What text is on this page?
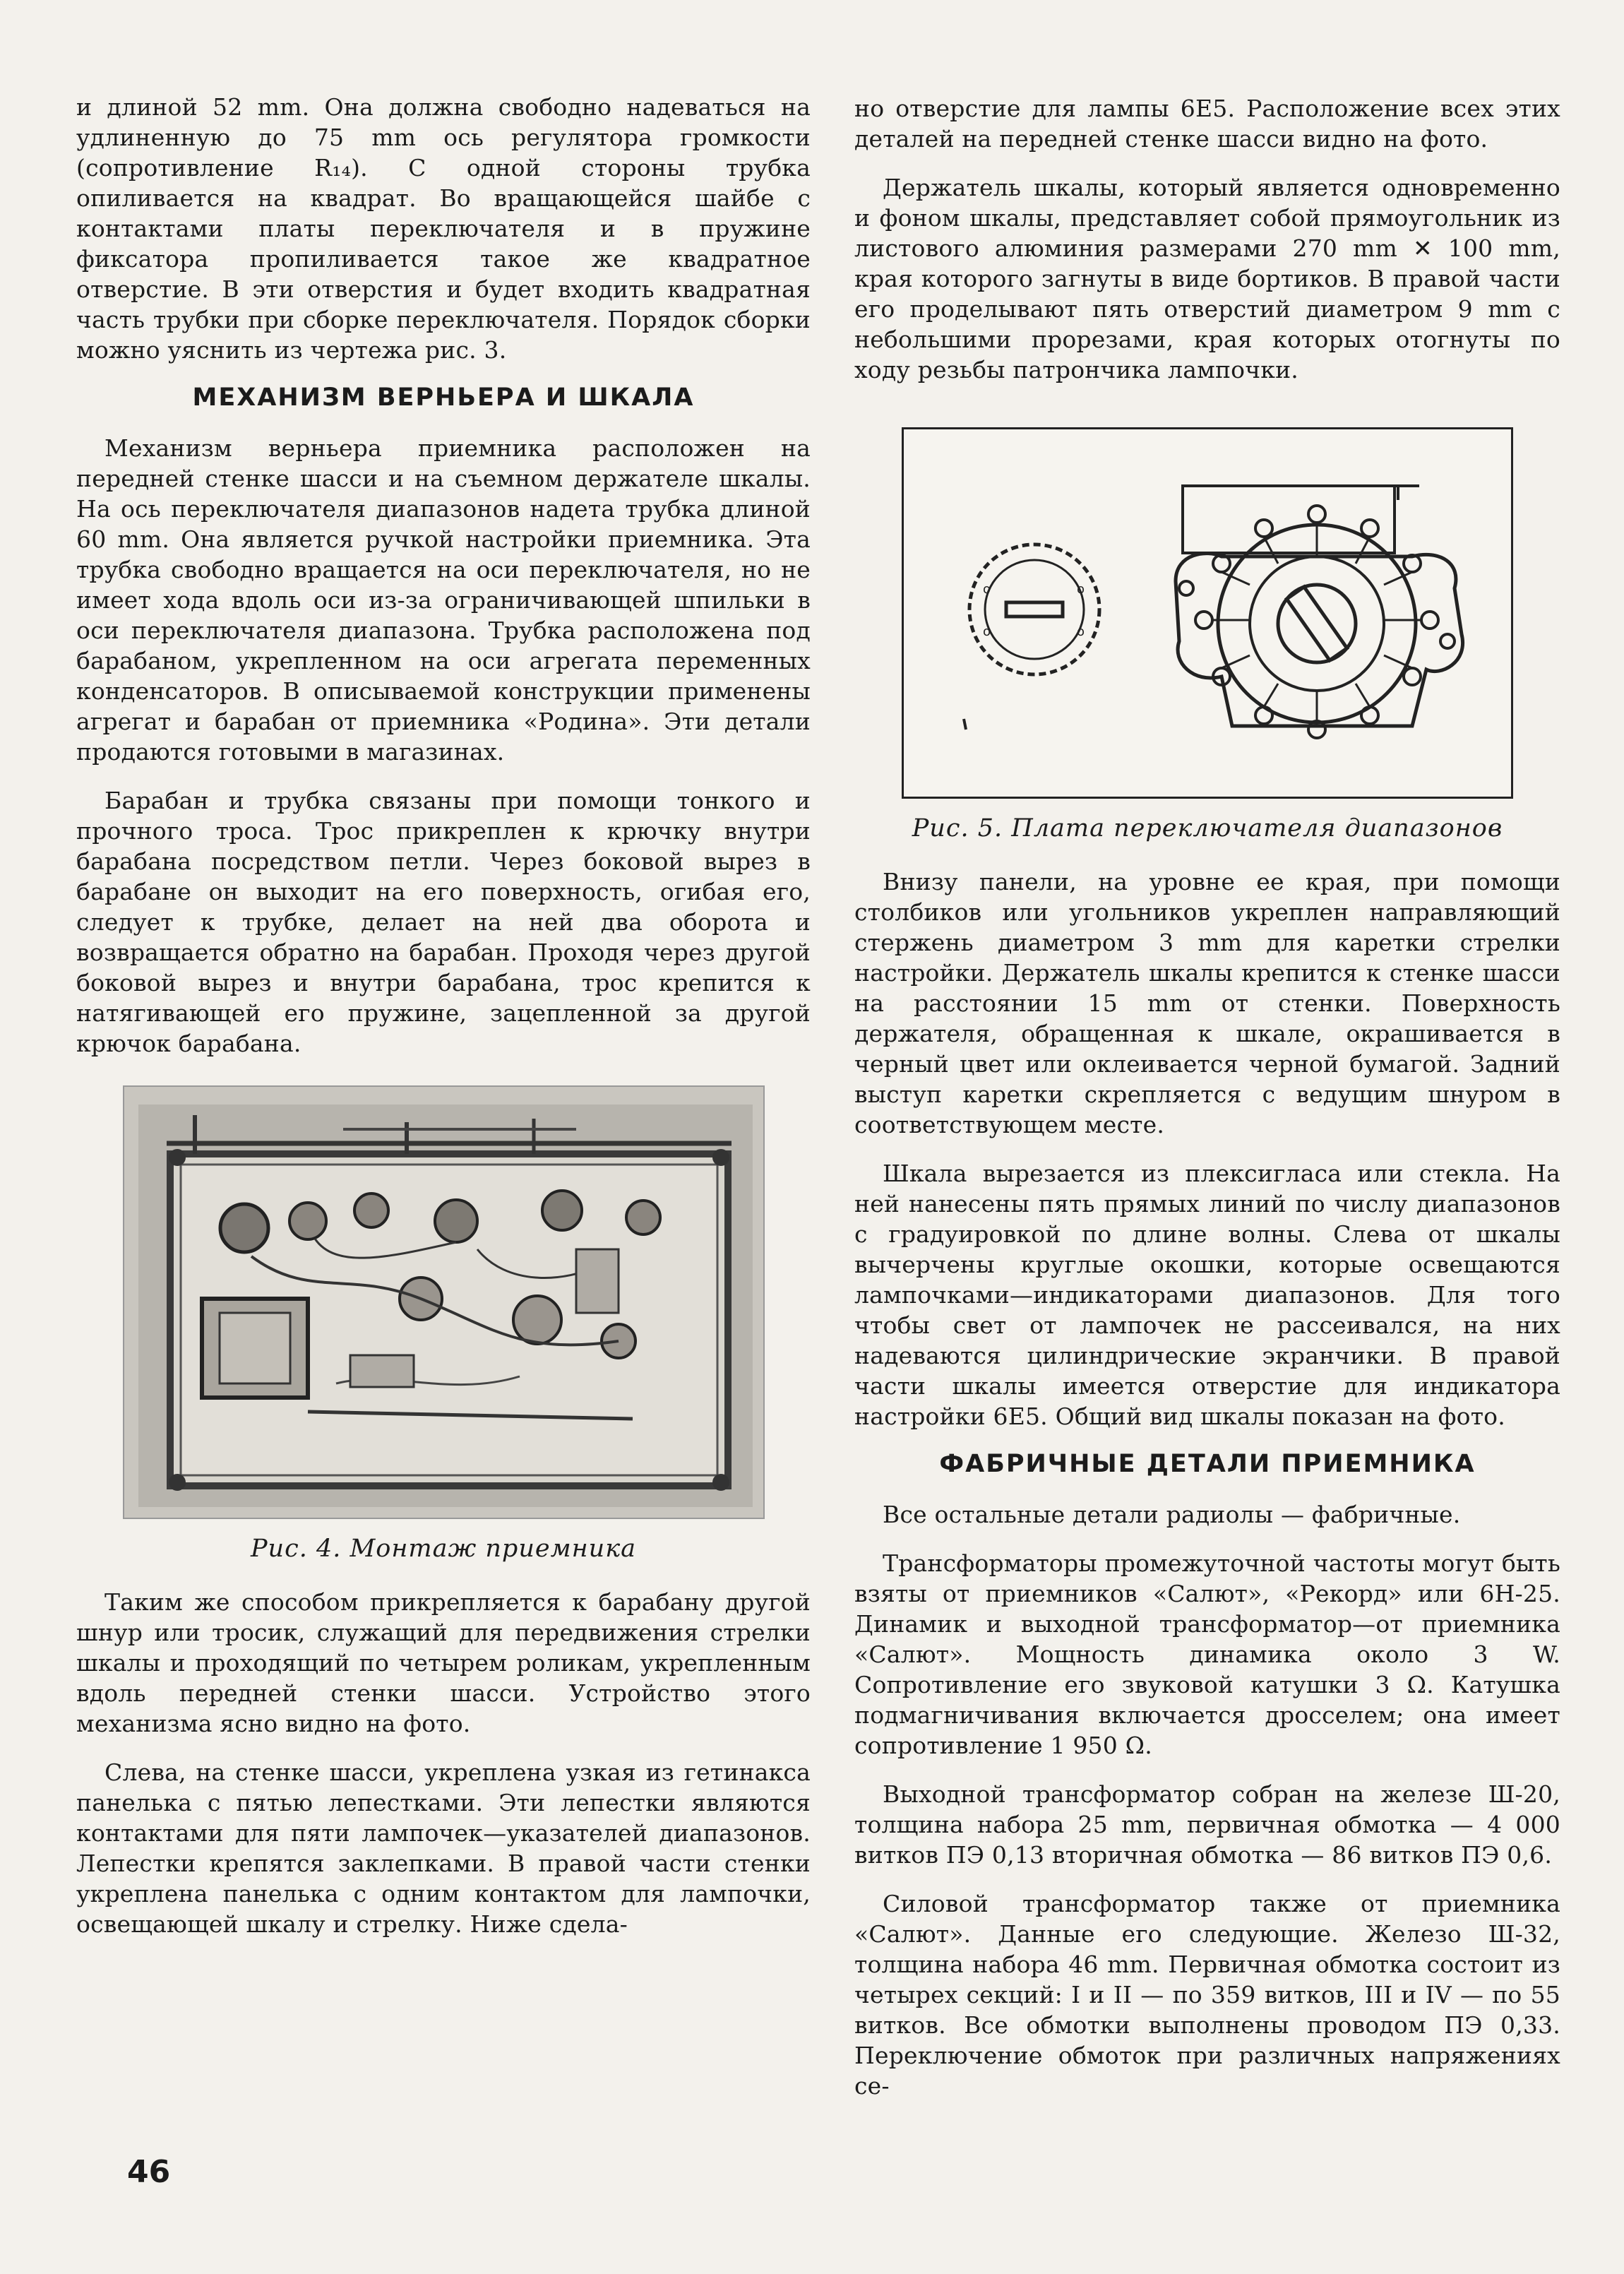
и длиной 52 mm. Она должна свободно надеваться на удлиненную до 75 mm ось регулятора громкости (сопротивление R₁₄). С одной стороны трубка опиливается на квадрат. Во вращающейся шайбе с контактами платы переключателя и в пружине фиксатора пропиливается такое же квадратное отверстие. В эти отверстия и будет входить квадратная часть трубки при сборке переключателя. Порядок сборки можно уяснить из чертежа рис. 3.

МЕХАНИЗМ ВЕРНЬЕРА И ШКАЛА

Механизм верньера приемника расположен на передней стенке шасси и на съемном держателе шкалы. На ось переключателя диапазонов надета трубка длиной 60 mm. Она является ручкой настройки приемника. Эта трубка свободно вращается на оси переключателя, но не имеет хода вдоль оси из-за ограничивающей шпильки в оси переключателя диапазона. Трубка расположена под барабаном, укрепленном на оси агрегата переменных конденсаторов. В описываемой конструкции применены агрегат и барабан от приемника «Родина». Эти детали продаются готовыми в магазинах.

Барабан и трубка связаны при помощи тонкого и прочного троса. Трос прикреплен к крючку внутри барабана посредством петли. Через боковой вырез в барабане он выходит на его поверхность, огибая его, следует к трубке, делает на ней два оборота и возвращается обратно на барабан. Проходя через другой боковой вырез и внутри барабана, трос крепится к натягивающей его пружине, зацепленной за другой крючок барабана.

Рис. 4. Монтаж приемника

Таким же способом прикрепляется к барабану другой шнур или тросик, служащий для передвижения стрелки шкалы и проходящий по четырем роликам, укрепленным вдоль передней стенки шасси. Устройство этого механизма ясно видно на фото.

Слева, на стенке шасси, укреплена узкая из гетинакса панелька с пятью лепестками. Эти лепестки являются контактами для пяти лампочек—указателей диапазонов. Лепестки крепятся заклепками. В правой части стенки укреплена панелька с одним контактом для лампочки, освещающей шкалу и стрелку. Ниже сдела-

но отверстие для лампы 6Е5. Расположение всех этих деталей на передней стенке шасси видно на фото.

Держатель шкалы, который является одновременно и фоном шкалы, представляет собой прямоугольник из листового алюминия размерами 270 mm ✕ 100 mm, края которого загнуты в виде бортиков. В правой части его проделывают пять отверстий диаметром 9 mm с небольшими прорезами, края которых отогнуты по ходу резьбы патрончика лампочки.

o	o
o	o
Рис. 5. Плата переключателя диапазонов

Внизу панели, на уровне ее края, при помощи столбиков или угольников укреплен направляющий стержень диаметром 3 mm для каретки стрелки настройки. Держатель шкалы крепится к стенке шасси на расстоянии 15 mm от стенки. Поверхность держателя, обращенная к шкале, окрашивается в черный цвет или оклеивается черной бумагой. Задний выступ каретки скрепляется с ведущим шнуром в соответствующем месте.

Шкала вырезается из плексигласа или стекла. На ней нанесены пять прямых линий по числу диапазонов с градуировкой по длине волны. Слева от шкалы вычерчены круглые окошки, которые освещаются лампочками—индикаторами диапазонов. Для того чтобы свет от лампочек не рассеивался, на них надеваются цилиндрические экранчики. В правой части шкалы имеется отверстие для индикатора настройки 6Е5. Общий вид шкалы показан на фото.

ФАБРИЧНЫЕ ДЕТАЛИ ПРИЕМНИКА

Все остальные детали радиолы — фабричные.

Трансформаторы промежуточной частоты могут быть взяты от приемников «Салют», «Рекорд» или 6Н-25. Динамик и выходной трансформатор—от приемника «Салют». Мощность динамика около 3 W. Сопротивление его звуковой катушки 3 Ω. Катушка подмагничивания включается дросселем; она имеет сопротивление 1 950 Ω.

Выходной трансформатор собран на железе Ш-20, толщина набора 25 mm, первичная обмотка — 4 000 витков ПЭ 0,13 вторичная обмотка — 86 витков ПЭ 0,6.

Силовой трансформатор также от приемника «Салют». Данные его следующие. Железо Ш-32, толщина набора 46 mm. Первичная обмотка состоит из четырех секций: I и II — по 359 витков, III и IV — по 55 витков. Все обмотки выполнены проводом ПЭ 0,33. Переключение обмоток при различных напряжениях се-

46
